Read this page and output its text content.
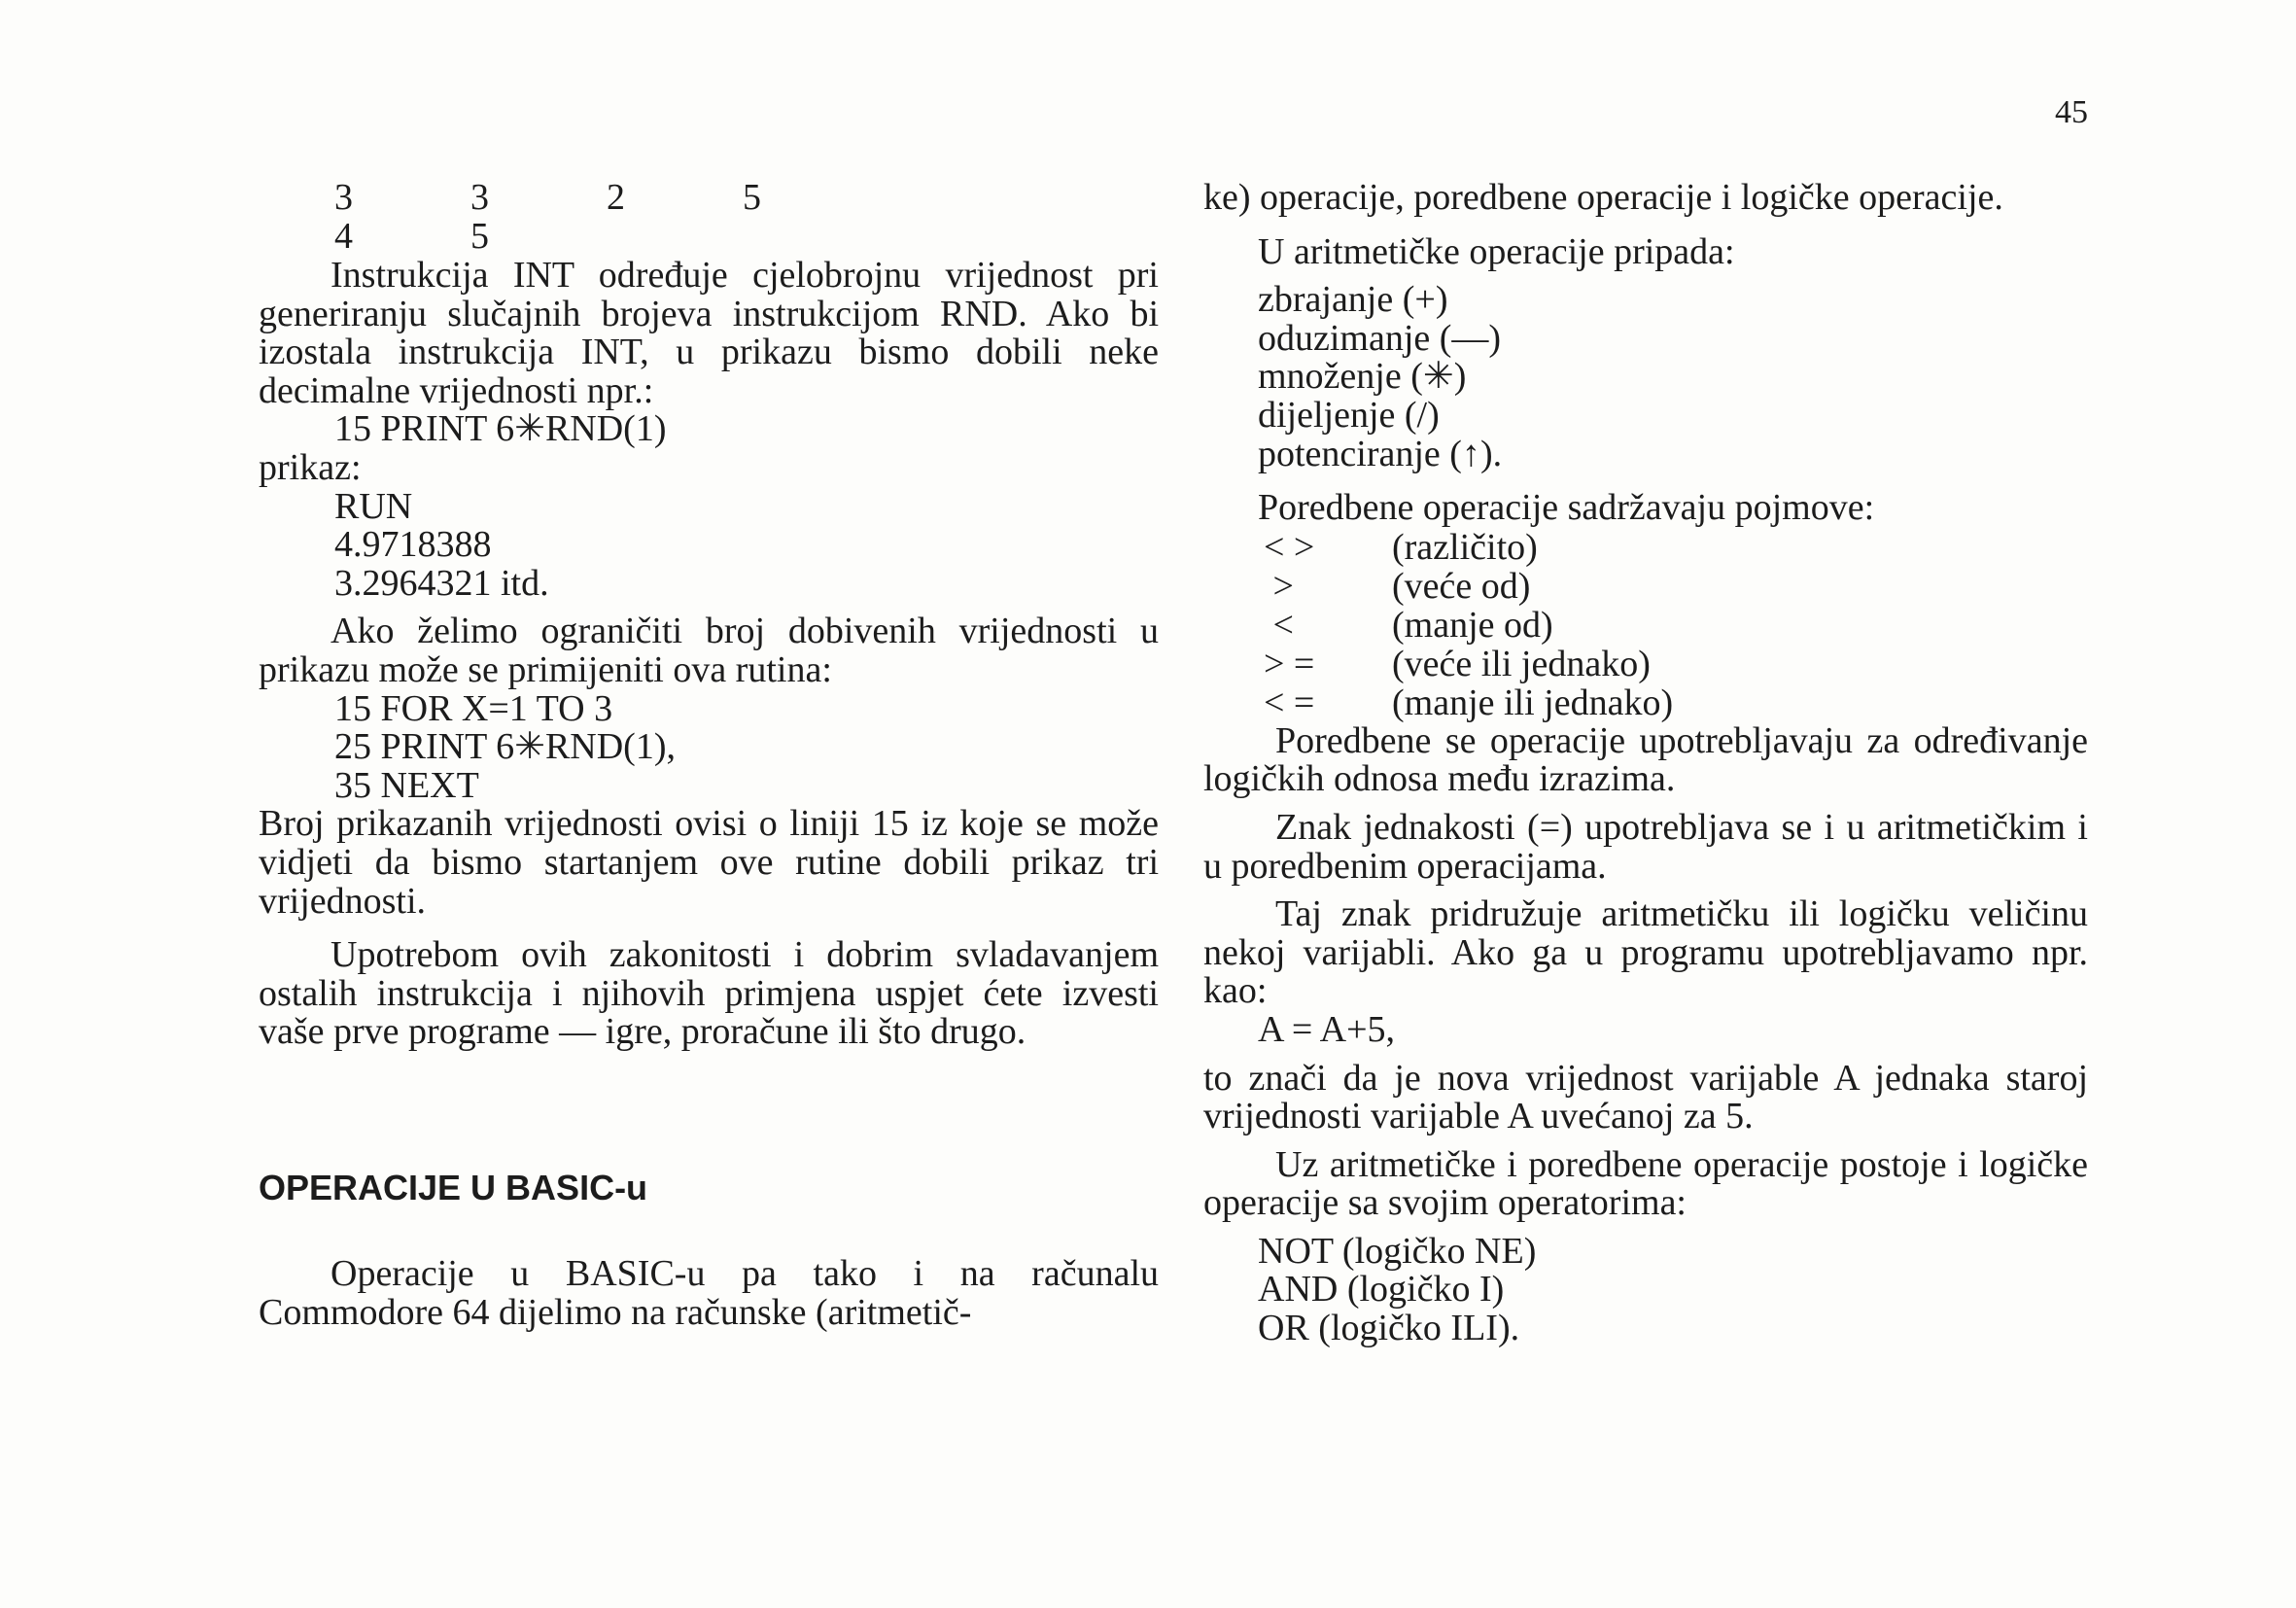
45
3	3	2	5
4	5

Instrukcija INT određuje cjelobrojnu vrijednost pri generiranju slučajnih brojeva instrukcijom RND. Ako bi izostala instrukcija INT, u prikazu bismo dobili neke decimalne vrijednosti npr.:

15 PRINT 6✳RND(1)

prikaz:

RUN

4.9718388

3.2964321 itd.

Ako želimo ograničiti broj dobivenih vrijednosti u prikazu može se primijeniti ova rutina:

15 FOR X=1 TO 3

25 PRINT 6✳RND(1),

35 NEXT

Broj prikazanih vrijednosti ovisi o liniji 15 iz koje se može vidjeti da bismo startanjem ove rutine dobili prikaz tri vrijednosti.

Upotrebom ovih zakonitosti i dobrim svladavanjem ostalih instrukcija i njihovih primjena uspjet ćete izvesti vaše prve programe — igre, proračune ili što drugo.

OPERACIJE U BASIC-u

Operacije u BASIC-u pa tako i na računalu Commodore 64 dijelimo na računske (aritmetič-

ke) operacije, poredbene operacije i logičke operacije.

U aritmetičke operacije pripada:

zbrajanje (+)

oduzimanje (—)

množenje (✳)

dijeljenje (/)

potenciranje (↑).

Poredbene operacije sadržavaju pojmove:

< >	(različito)
>	(veće od)
<	(manje od)
> =	(veće ili jednako)
< =	(manje ili jednako)

Poredbene se operacije upotrebljavaju za određivanje logičkih odnosa među izrazima.

Znak jednakosti (=) upotrebljava se i u aritmetičkim i u poredbenim operacijama.

Taj znak pridružuje aritmetičku ili logičku veličinu nekoj varijabli. Ako ga u programu upotrebljavamo npr. kao:

A = A+5,

to znači da je nova vrijednost varijable A jednaka staroj vrijednosti varijable A uvećanoj za 5.

Uz aritmetičke i poredbene operacije postoje i logičke operacije sa svojim operatorima:

NOT (logičko NE)

AND (logičko I)

OR (logičko ILI).
